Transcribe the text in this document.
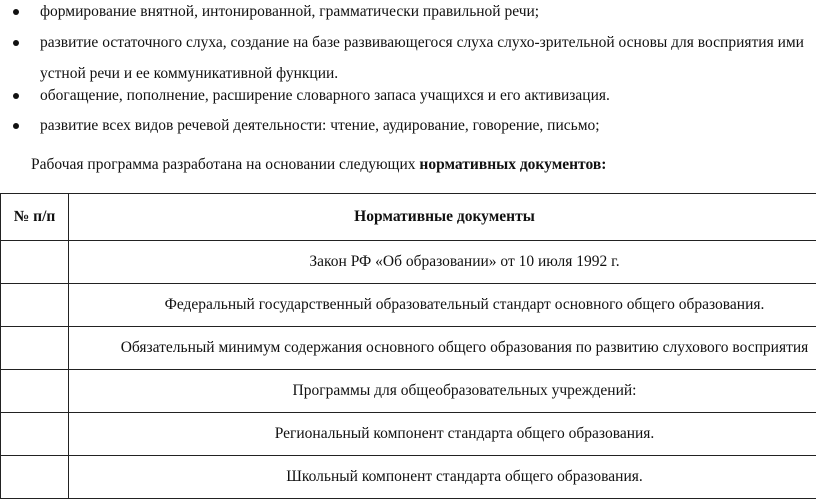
формирование внятной, интонированной, грамматически правильной речи;
развитие остаточного слуха, создание на базе развивающегося слуха слухо-зрительной основы для восприятия ими устной речи и ее коммуникативной функции.
обогащение, пополнение, расширение словарного запаса учащихся и его активизация.
развитие всех видов речевой деятельности: чтение, аудирование, говорение, письмо;
Рабочая программа разработана на основании следующих нормативных документов:
№ п/п	Нормативные документы
	Закон РФ «Об образовании» от 10 июля 1992 г.
	Федеральный государственный образовательный стандарт основного общего образования.
	Обязательный минимум содержания основного общего образования по развитию слухового восприятия
	Программы для общеобразовательных учреждений:
	Региональный компонент стандарта общего образования.
	Школьный компонент стандарта общего образования.
